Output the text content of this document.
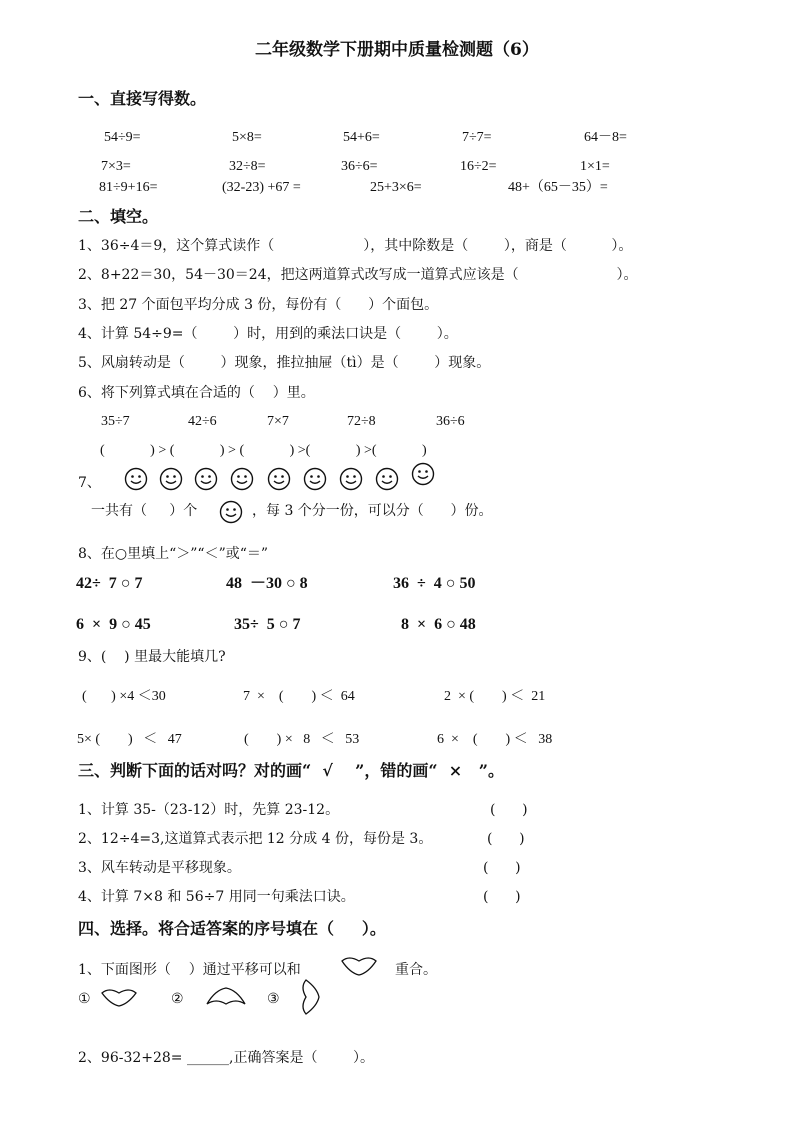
二年级数学下册期中质量检测题（6）
一、直接写得数。
54÷9=	5×8=	54+6=	7÷7=	64－8=
7×3=	32÷8=	36÷6=	16÷2=	1×1=
81÷9+16=	(32-23) +67 =	25+3×6=	48+（65－35）=
二、填空。
1、36÷4＝9，这个算式读作（                    ），其中除数是（        ），商是（          ）。
2、8+22＝30，54－30＝24，把这两道算式改写成一道算式应该是（                      ）。
3、把 27 个面包平均分成 3 份，每份有（      ）个面包。
4、计算 54÷9=（        ）时，用到的乘法口诀是（        ）。
5、风扇转动是（        ）现象，推拉抽屉（tì）是（        ）现象。
6、将下列算式填在合适的（    ）里。
35÷7	42÷6	7×7	72÷8	36÷6
(             ) > (             ) > (             ) >(             ) >(             )
7、
一共有（     ）个	，每 3 个分一份，可以分（      ）份。
8、在○里填上“＞”“＜”或“＝”
42÷  7 ○ 7	48  －30 ○ 8	36  ÷  4 ○ 50
6  ×  9 ○ 45	35÷  5 ○ 7	8  ×  6 ○ 48
9、(    ) 里最大能填几?
(       ) ×4 ＜30	7  ×    (        ) ＜  64	2  × (        ) ＜  21
5× (        )   ＜   47	(        ) ×   8   ＜   53	6  ×    (        ) ＜   38
三、判断下面的话对吗？对的画“  √    ”，错的画“  ×   ”。
1、计算 35-（23-12）时，先算 23-12。	(      )
2、12÷4=3,这道算式表示把 12 分成 4 份，每份是 3。	(      )
3、风车转动是平移现象。	(      )
4、计算 7×8 和 56÷7 用同一句乘法口诀。	(      )
四、选择。将合适答案的序号填在（     ）。
1、下面图形（    ）通过平移可以和	重合。
①	②	③
2、96-32+28= ______,正确答案是（        ）。
